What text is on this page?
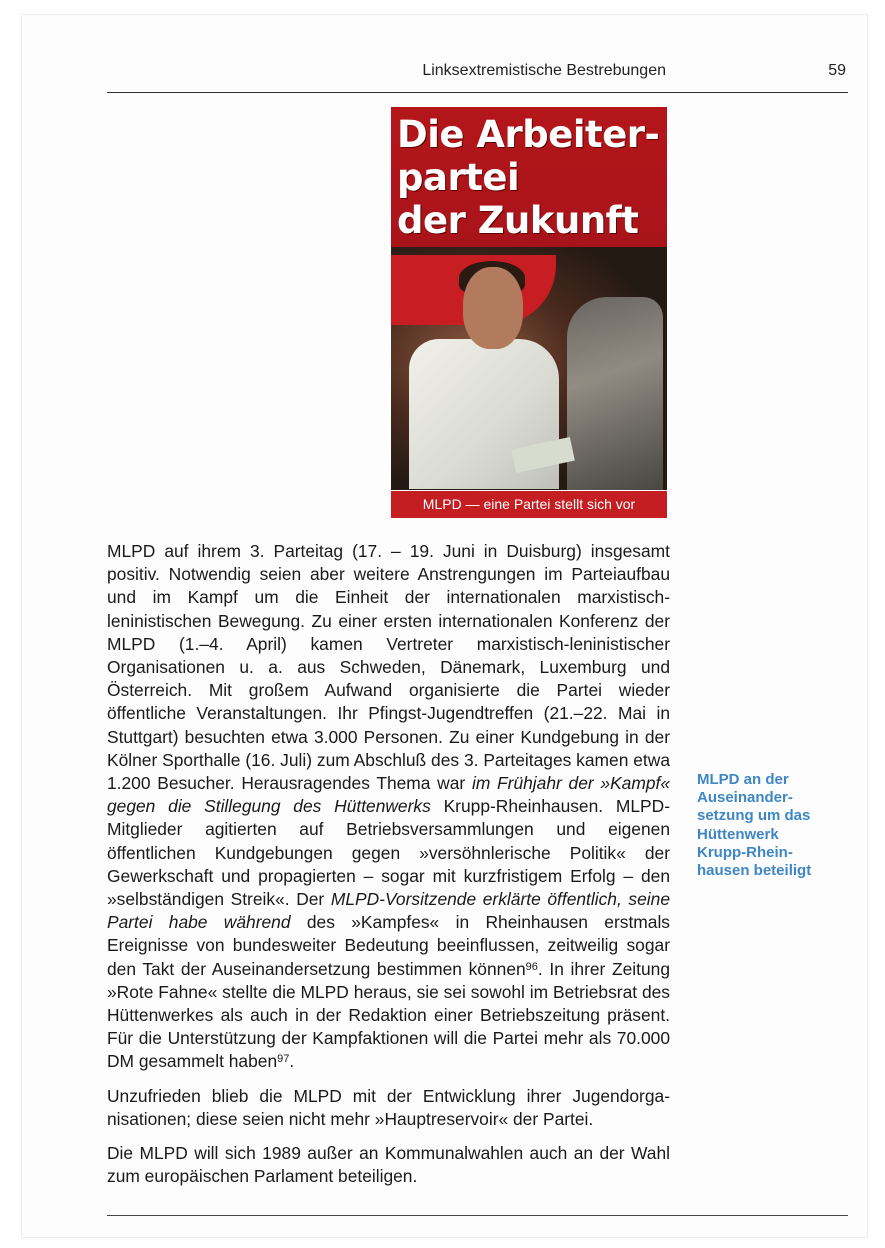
Linksextremistische Bestrebungen	59
Die Arbeiter-
partei
der Zukunft
MLPD — eine Partei stellt sich vor

MLPD auf ihrem 3. Parteitag (17. – 19. Juni in Duisburg) insgesamt positiv. Notwendig seien aber weitere Anstrengungen im Parteiaufbau und im Kampf um die Einheit der internationalen marxistisch-leninistischen Bewegung. Zu einer ersten internationalen Konferenz der MLPD (1.–4. April) kamen Vertreter marxistisch-leninistischer Organisationen u. a. aus Schweden, Dänemark, Luxemburg und Österreich. Mit großem Aufwand organisierte die Partei wieder öffentliche Veranstaltungen. Ihr Pfingst-Jugendtreffen (21.–22. Mai in Stuttgart) besuchten etwa 3.000 Personen. Zu einer Kundgebung in der Kölner Sporthalle (16. Juli) zum Abschluß des 3. Parteitages kamen etwa 1.200 Besucher. Herausragendes Thema war im Frühjahr der »Kampf« gegen die Stillegung des Hüttenwerks Krupp-Rheinhausen. MLPD-Mitglieder agitierten auf Betriebsversammlungen und eigenen öffentlichen Kundgebungen gegen »versöhnlerische Politik« der Gewerkschaft und propagierten – sogar mit kurzfristigem Erfolg – den »selbständigen Streik«. Der MLPD-Vorsitzende erklärte öffentlich, seine Partei habe während des »Kampfes« in Rheinhausen erstmals Ereignisse von bundesweiter Bedeutung beeinflussen, zeitweilig sogar den Takt der Auseinandersetzung bestimmen können$^{96}$. In ihrer Zeitung »Rote Fahne« stellte die MLPD heraus, sie sei sowohl im Betriebsrat des Hüttenwerkes als auch in der Redaktion einer Betriebszeitung präsent. Für die Unterstützung der Kampfaktionen will die Partei mehr als 70.000 DM gesammelt haben$^{97}$.

Unzufrieden blieb die MLPD mit der Entwicklung ihrer Jugendorganisationen; diese seien nicht mehr »Hauptreservoir« der Partei.

Die MLPD will sich 1989 außer an Kommunalwahlen auch an der Wahl zum europäischen Parlament beteiligen.

MLPD an der
Auseinander-
setzung um das
Hüttenwerk
Krupp-Rhein-
hausen beteiligt
